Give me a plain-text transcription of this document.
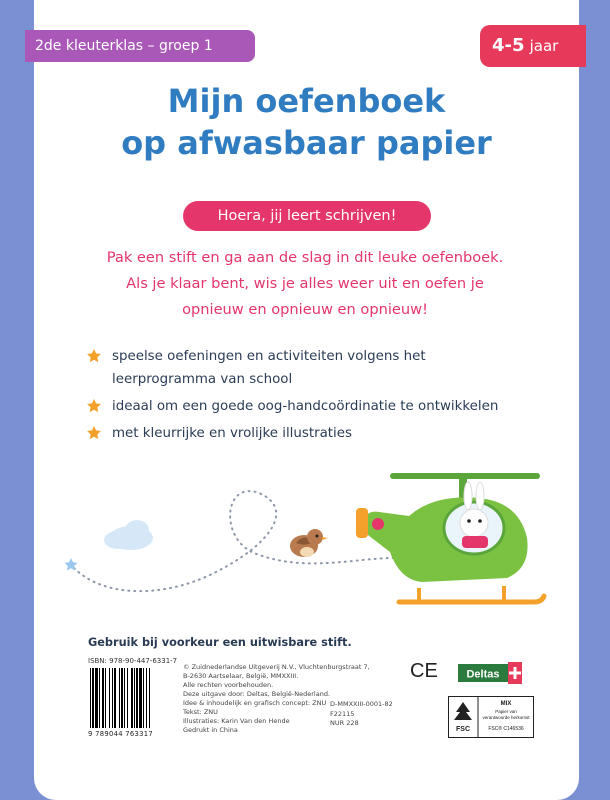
2de kleuterklas – groep 1	4-5 jaar
Mijn oefenboek
op afwasbaar papier
Hoera, jij leert schrijven!
Pak een stift en ga aan de slag in dit leuke oefenboek.
Als je klaar bent, wis je alles weer uit en oefen je
opnieuw en opnieuw en opnieuw!
speelse oefeningen en activiteiten volgens het
leerprogramma van school
ideaal om een goede oog-handcoördinatie te ontwikkelen
met kleurrijke en vrolijke illustraties
Gebruik bij voorkeur een uitwisbare stift.
ISBN: 978-90-447-6331-7
9 789044 763317
© Zuidnederlandse Uitgeverij N.V., Vluchtenburgstraat 7,
B-2630 Aartselaar, België, MMXXIII.
Alle rechten voorbehouden.
Deze uitgave door: Deltas, België-Nederland.
Idee & inhoudelijk en grafisch concept: ZNU
Tekst: ZNU
Illustraties: Karin Van den Hende
Gedrukt in China
D-MMXXIII-0001-82
F22115
NUR 228
CE	Deltas
FSC
MIX
Papier van
verantwoorde herkomst
FSC® C146536
